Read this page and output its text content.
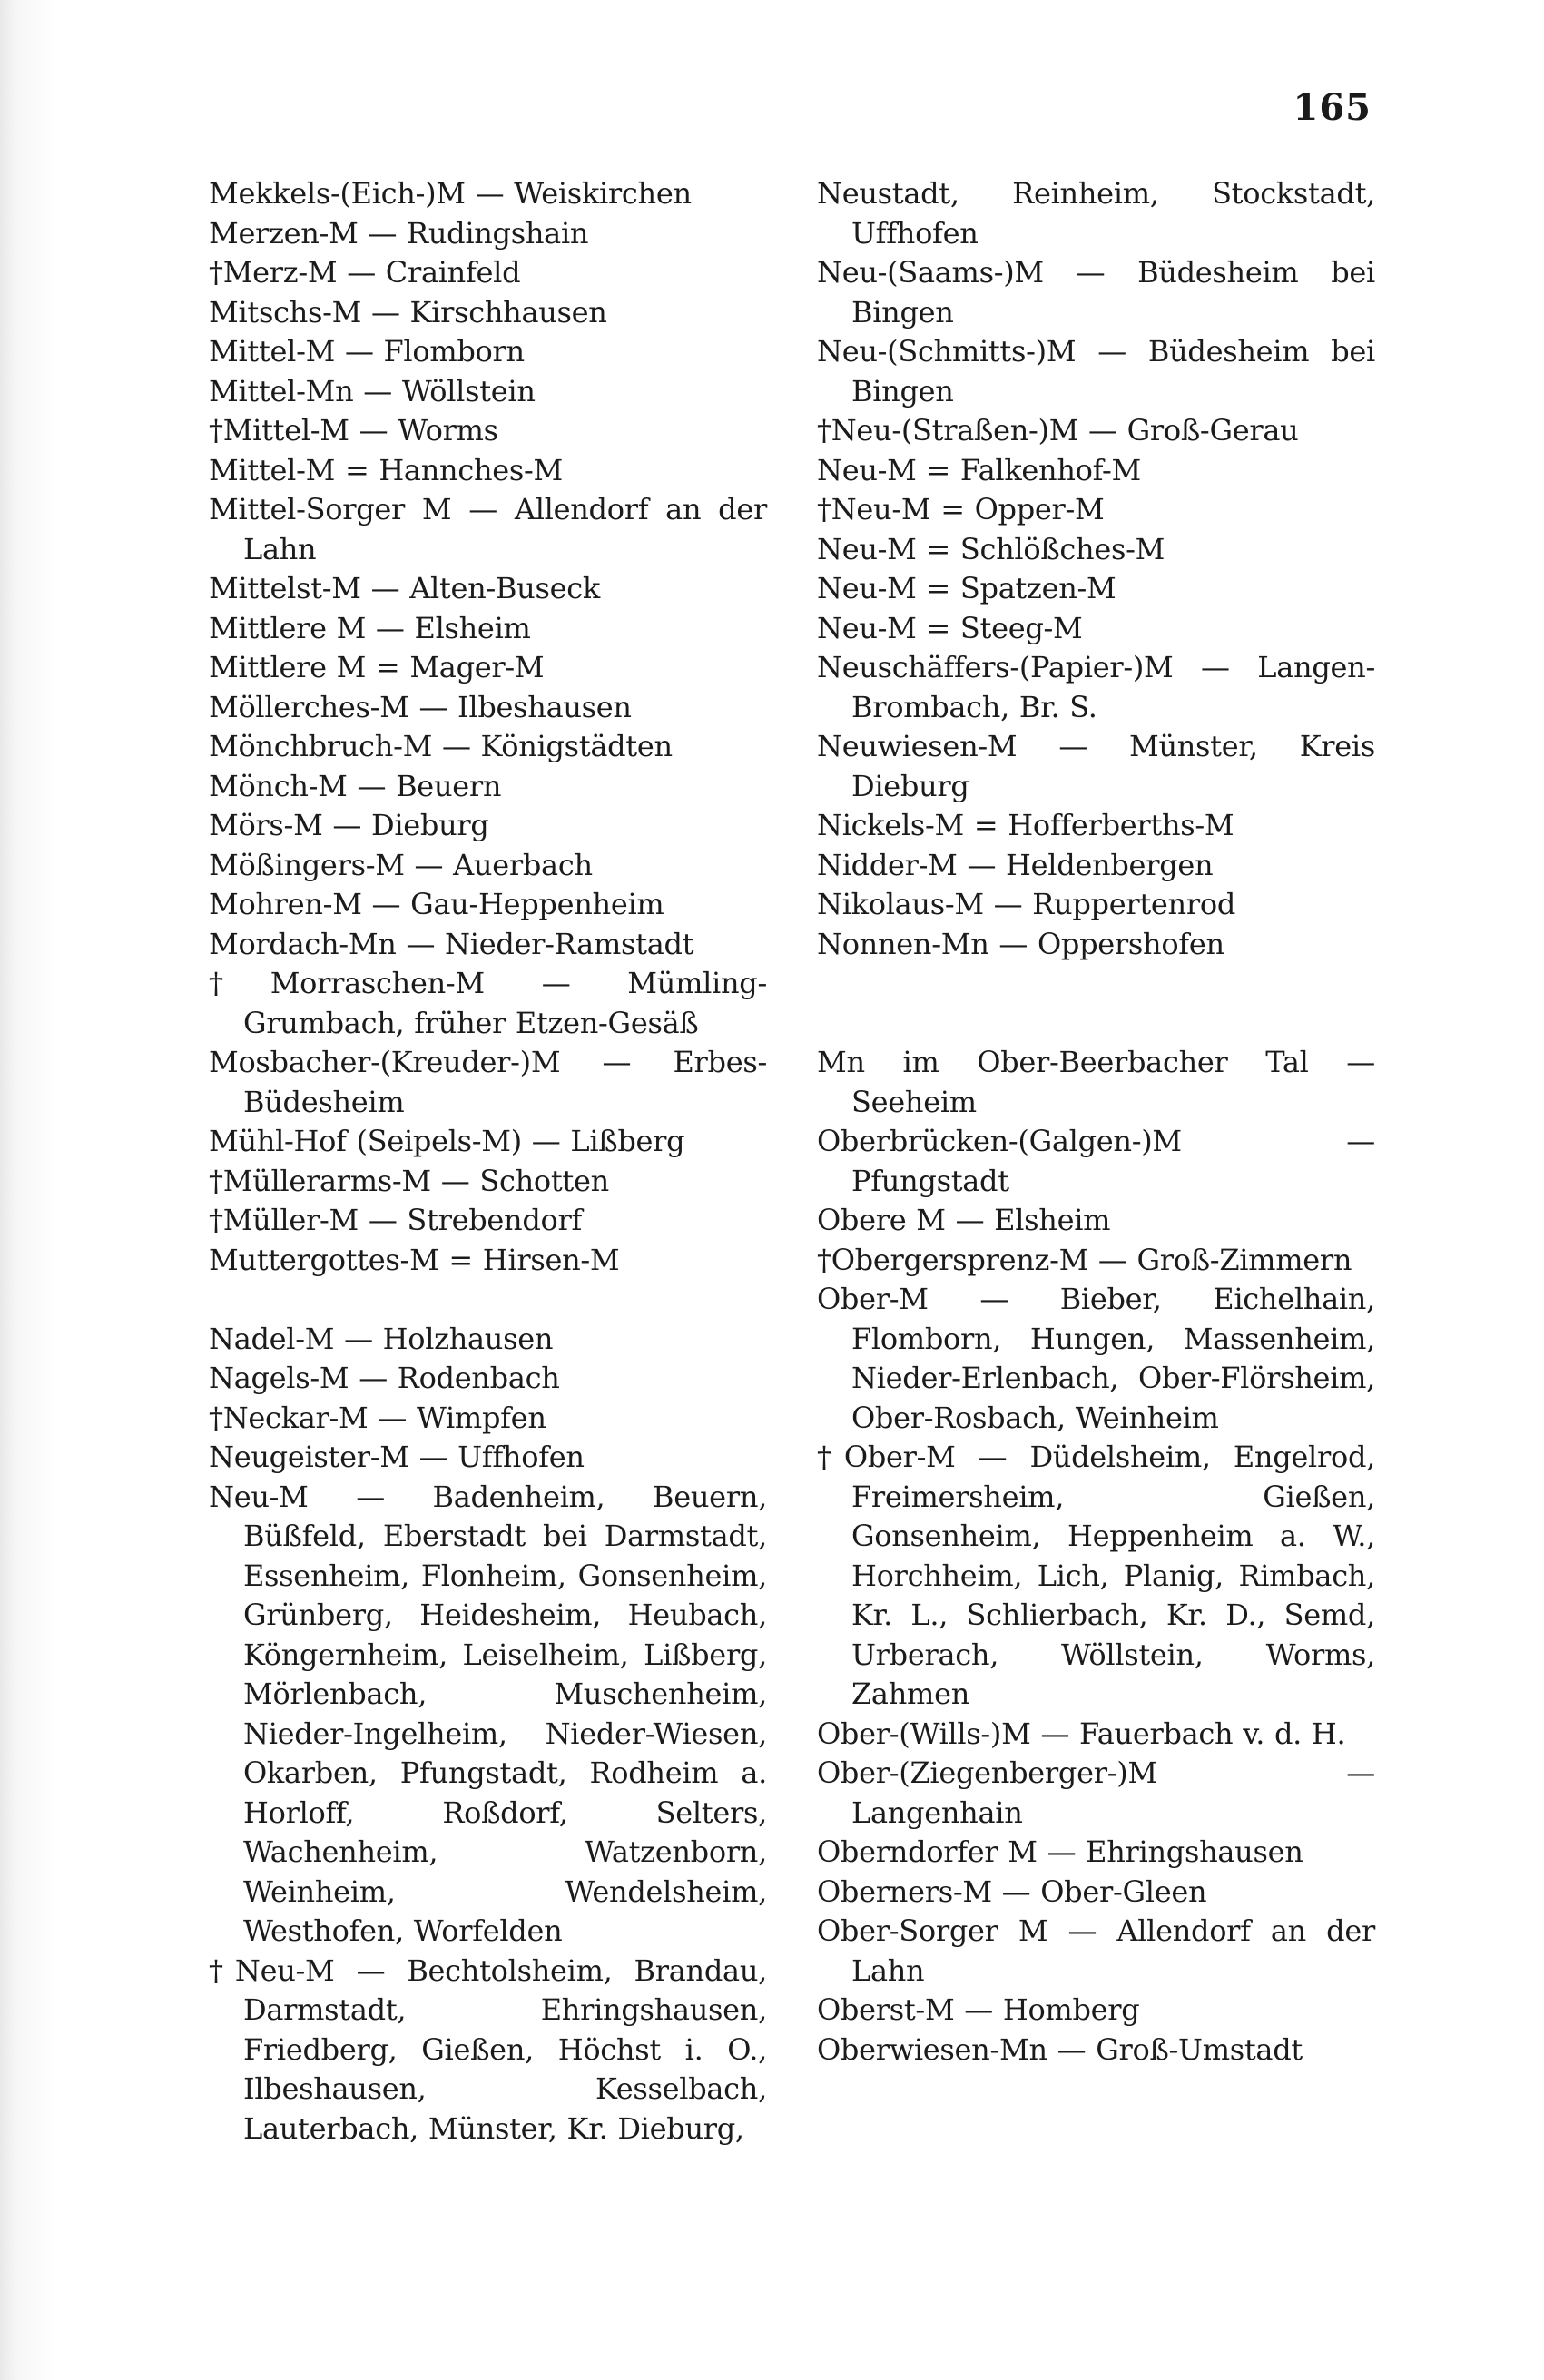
165
Mekkels-(Eich-)M — Weiskirchen
Merzen-M — Rudingshain
†Merz-M — Crainfeld
Mitschs-M — Kirschhausen
Mittel-M — Flomborn
Mittel-Mn — Wöllstein
†Mittel-M — Worms
Mittel-M = Hannches-M
Mittel-Sorger M — Allendorf an der Lahn
Mittelst-M — Alten-Buseck
Mittlere M — Elsheim
Mittlere M = Mager-M
Möllerches-M — Ilbeshausen
Mönchbruch-M — Königstädten
Mönch-M — Beuern
Mörs-M — Dieburg
Mößingers-M — Auerbach
Mohren-M — Gau-Heppenheim
Mordach-Mn — Nieder-Ramstadt
†Morraschen-M — Mümling-Grumbach, früher Etzen-Gesäß
Mosbacher-(Kreuder-)M — Erbes-Büdesheim
Mühl-Hof (Seipels-M) — Lißberg
†Müllerarms-M — Schotten
†Müller-M — Strebendorf
Muttergottes-M = Hirsen-M
Nadel-M — Holzhausen
Nagels-M — Rodenbach
†Neckar-M — Wimpfen
Neugeister-M — Uffhofen
Neu-M — Badenheim, Beuern, Büßfeld, Eberstadt bei Darmstadt, Essenheim, Flonheim, Gonsenheim, Grünberg, Heidesheim, Heubach, Köngernheim, Leiselheim, Lißberg, Mörlenbach, Muschenheim, Nieder-Ingelheim, Nieder-Wiesen, Okarben, Pfungstadt, Rodheim a. Horloff, Roßdorf, Selters, Wachenheim, Watzenborn, Weinheim, Wendelsheim, Westhofen, Worfelden
†Neu-M — Bechtolsheim, Brandau, Darmstadt, Ehringshausen, Friedberg, Gießen, Höchst i. O., Ilbeshausen, Kesselbach, Lauterbach, Münster, Kr. Dieburg,
Neustadt, Reinheim, Stockstadt, Uffhofen
Neu-(Saams-)M — Büdesheim bei Bingen
Neu-(Schmitts-)M — Büdesheim bei Bingen
†Neu-(Straßen-)M — Groß-Gerau
Neu-M = Falkenhof-M
†Neu-M = Opper-M
Neu-M = Schlößches-M
Neu-M = Spatzen-M
Neu-M = Steeg-M
Neuschäffers-(Papier-)M — Langen-Brombach, Br. S.
Neuwiesen-M — Münster, Kreis Dieburg
Nickels-M = Hofferberths-M
Nidder-M — Heldenbergen
Nikolaus-M — Ruppertenrod
Nonnen-Mn — Oppershofen
Mn im Ober-Beerbacher Tal — Seeheim
Oberbrücken-(Galgen-)M — Pfungstadt
Obere M — Elsheim
†Obergersprenz-M — Groß-Zimmern
Ober-M — Bieber, Eichelhain, Flomborn, Hungen, Massenheim, Nieder-Erlenbach, Ober-Flörsheim, Ober-Rosbach, Weinheim
†Ober-M — Düdelsheim, Engelrod, Freimersheim, Gießen, Gonsenheim, Heppenheim a. W., Horchheim, Lich, Planig, Rimbach, Kr. L., Schlierbach, Kr. D., Semd, Urberach, Wöllstein, Worms, Zahmen
Ober-(Wills-)M — Fauerbach v. d. H.
Ober-(Ziegenberger-)M — Langenhain
Oberndorfer M — Ehringshausen
Oberners-M — Ober-Gleen
Ober-Sorger M — Allendorf an der Lahn
Oberst-M — Homberg
Oberwiesen-Mn — Groß-Umstadt
